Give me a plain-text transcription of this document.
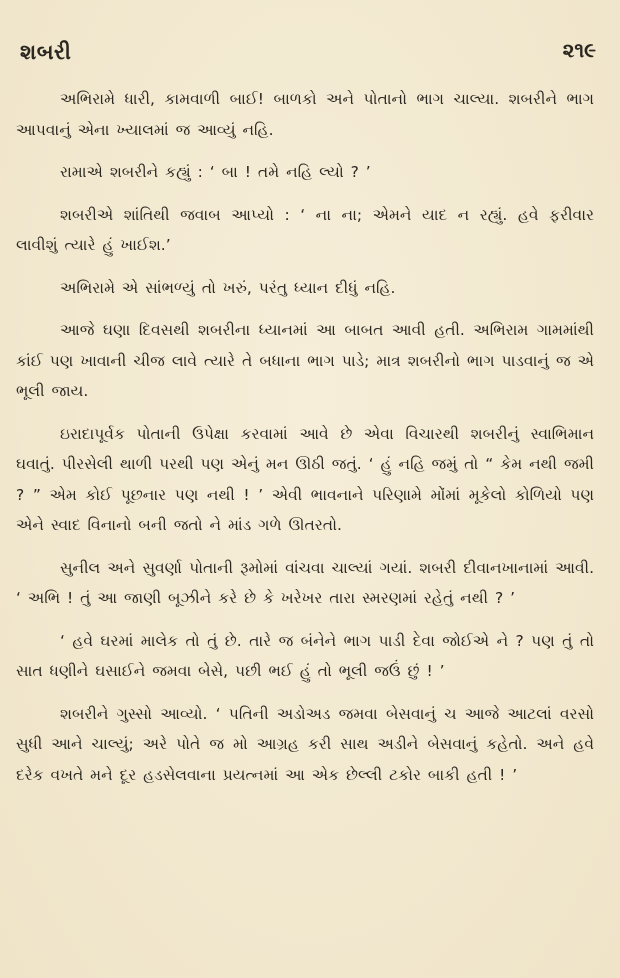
શબરી	૨૧૯

અભિરામે ધારી, કામવાળી બાઈ! બાળકો અને પોતાનો ભાગ ચાલ્યા. શબરીને ભાગ આપવાનું એના ખ્યાલમાં જ આવ્યું નહિ.

રામાએ શબરીને કહ્યું : ‘ બા ! તમે નહિ લ્યો ? ’

શબરીએ શાંતિથી જવાબ આપ્યો : ‘ ના ના; એમને યાદ ન રહ્યું. હવે ફરીવાર લાવીશું ત્યારે હું ખાઈશ.’

અભિરામે એ સાંભળ્યું તો ખરું, પરંતુ ધ્યાન દીધું નહિ.

આજે ઘણા દિવસથી શબરીના ધ્યાનમાં આ બાબત આવી હતી. અભિરામ ગામમાંથી કાંઈ પણ ખાવાની ચીજ લાવે ત્યારે તે બધાના ભાગ પાડે; માત્ર શબરીનો ભાગ પાડવાનું જ એ ભૂલી જાય.

ઇરાદાપૂર્વક પોતાની ઉપેક્ષા કરવામાં આવે છે એવા વિચારથી શબરીનું સ્વાભિમાન ઘવાતું. પીરસેલી થાળી પરથી પણ એનું મન ઊઠી જતું. ‘ હું નહિ જમું તો “ કેમ નથી જમી ? ” એમ કોઈ પૂછનાર પણ નથી ! ’ એવી ભાવનાને પરિણામે મોંમાં મૂકેલો કોળિયો પણ એને સ્વાદ વિનાનો બની જતો ને માંડ ગળે ઊતરતો.

સુનીલ અને સુવર્ણા પોતાની રૂમોમાં વાંચવા ચાલ્યાં ગયાં. શબરી દીવાનખાનામાં આવી. ‘ અભિ ! તું આ જાણી બૂઝીને કરે છે કે ખરેખર તારા સ્મરણમાં રહેતું નથી ? ’

‘ હવે ઘરમાં માલેક તો તું છે. તારે જ બંનેને ભાગ પાડી દેવા જોઈએ ને ? પણ તું તો સાત ધણીને ઘસાઈને જમવા બેસે, પછી ભઈ હું તો ભૂલી જઉં છું ! ’

શબરીને ગુસ્સો આવ્યો. ‘ પતિની અડોઅડ જમવા બેસવાનું ચ આજે આટલાં વરસો સુધી આને ચાલ્યું; અરે પોતે જ મો આગ્રહ કરી સાથ અડીને બેસવાનું કહેતો. અને હવે દરેક વખતે મને દૂર હડસેલવાના પ્રયત્નમાં આ એક છેલ્લી ટકોર બાકી હતી ! ’
